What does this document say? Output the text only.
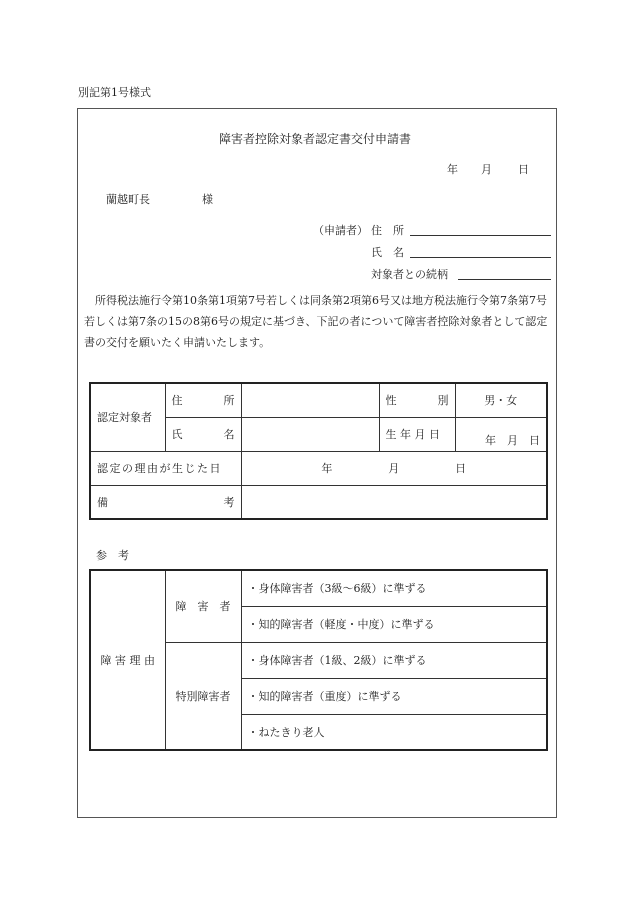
別記第1号様式
障害者控除対象者認定書交付申請書
年 月 日
蘭越町長	様
（申請者） 住　所
氏　名
対象者との続柄
所得税法施行令第10条第1項第7号若しくは同条第2項第6号又は地方税法施行令第7条第7号若しくは第7条の15の8第6号の規定に基づき、下記の者について障害者控除対象者として認定書の交付を願いたく申請いたします。
認定対象者	住 所		性 別	男・女

	氏 名		生 年 月 日	年　月　日
認定の理由が生じた日		年 月 日		

備 考				

参　考
障 害 理 由	障　害　者	・身体障害者（3級～6級）に準ずる
		・知的障害者（軽度・中度）に準ずる
	特別障害者	・身体障害者（1級、2級）に準ずる
		・知的障害者（重度）に準ずる
		・ねたきり老人
